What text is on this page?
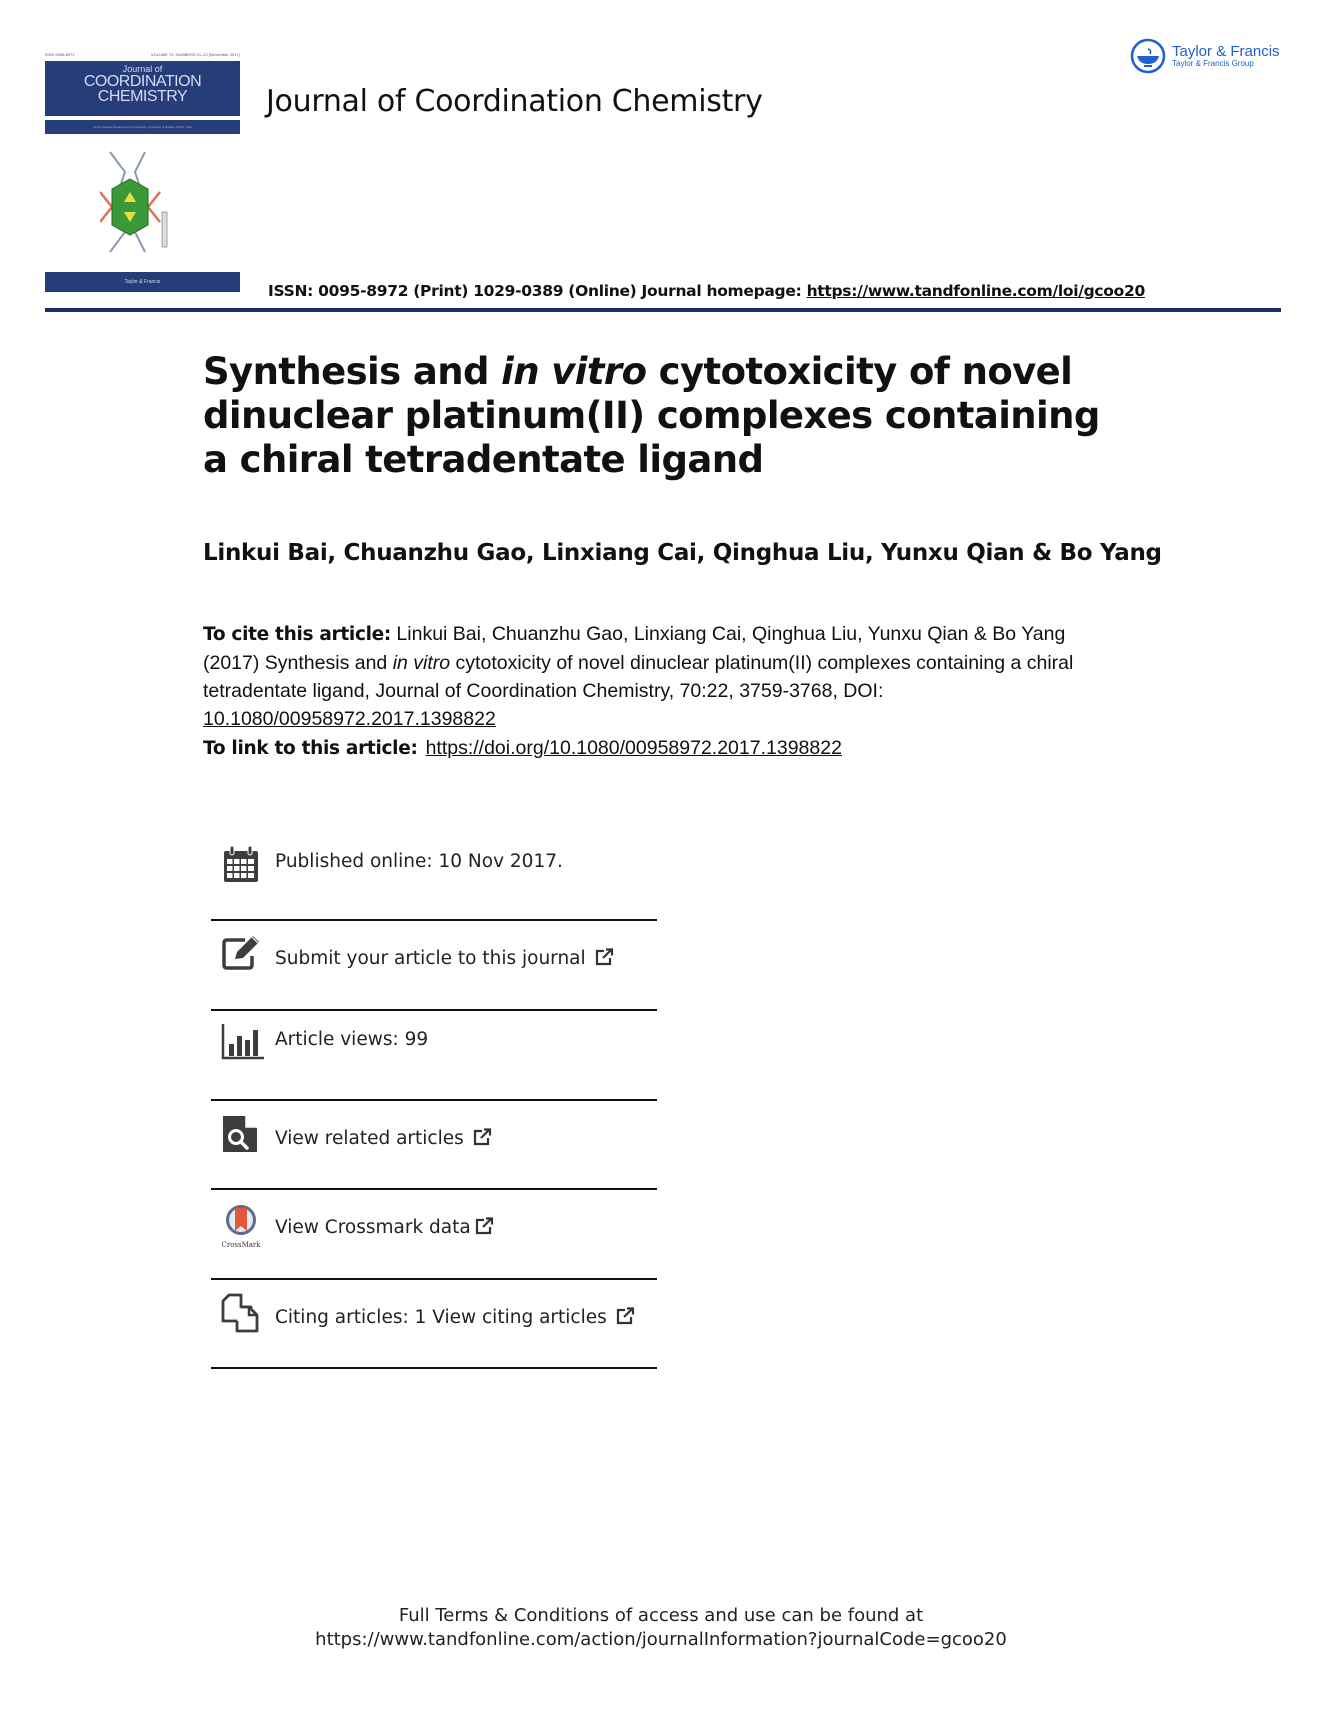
ISSN 0095-8972	VOLUME 70, NUMBERS 21–22 (November 2017)
Journal of
COORDINATION
CHEMISTRY
Jim D. Atwood Department of Chemistry, University at Buffalo, SUNY, USA
Taylor & Francis
Journal of Coordination Chemistry
Taylor & Francis
Taylor & Francis Group
ISSN: 0095-8972 (Print) 1029-0389 (Online) Journal homepage: https://www.tandfonline.com/loi/gcoo20
Synthesis and in vitro cytotoxicity of novel dinuclear platinum(II) complexes containing a chiral tetradentate ligand
Linkui Bai, Chuanzhu Gao, Linxiang Cai, Qinghua Liu, Yunxu Qian & Bo Yang
To cite this article: Linkui Bai, Chuanzhu Gao, Linxiang Cai, Qinghua Liu, Yunxu Qian & Bo Yang (2017) Synthesis and in vitro cytotoxicity of novel dinuclear platinum(II) complexes containing a chiral tetradentate ligand, Journal of Coordination Chemistry, 70:22, 3759-3768, DOI:
10.1080/00958972.2017.1398822
To link to this article: https://doi.org/10.1080/00958972.2017.1398822
Published online: 10 Nov 2017.
Submit your article to this journal
Article views: 99
View related articles
CrossMark
View Crossmark data
Citing articles: 1 View citing articles
Full Terms & Conditions of access and use can be found at
https://www.tandfonline.com/action/journalInformation?journalCode=gcoo20
